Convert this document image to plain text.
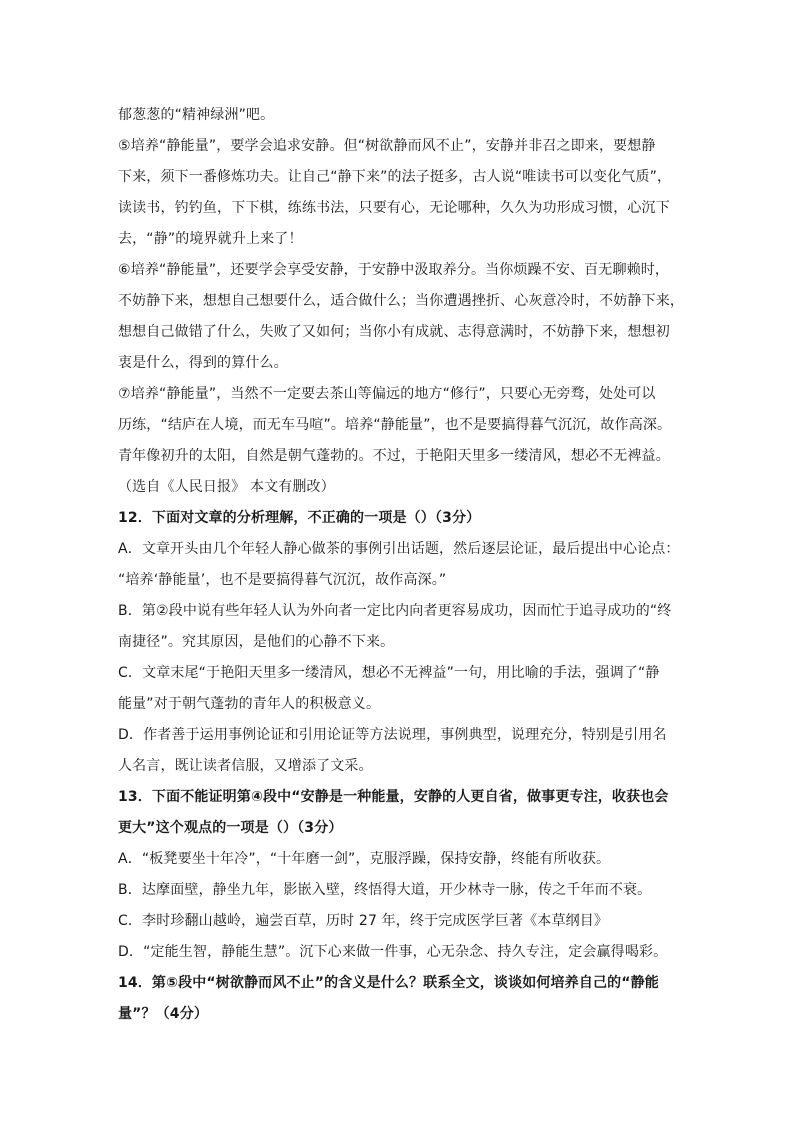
郁葱葱的“精神绿洲”吧。
⑤培养“静能量”，要学会追求安静。但“树欲静而风不止”，安静并非召之即来，要想静
下来，须下一番修炼功夫。让自己“静下来”的法子挺多，古人说“唯读书可以变化气质”，
读读书，钓钓鱼，下下棋，练练书法，只要有心，无论哪种，久久为功形成习惯，心沉下
去，“静”的境界就升上来了！
⑥培养“静能量”，还要学会享受安静，于安静中汲取养分。当你烦躁不安、百无聊赖时，
不妨静下来，想想自己想要什么，适合做什么；当你遭遇挫折、心灰意冷时，不妨静下来，
想想自己做错了什么，失败了又如何；当你小有成就、志得意满时，不妨静下来，想想初
衷是什么，得到的算什么。
⑦培养“静能量”，当然不一定要去茶山等偏远的地方“修行”，只要心无旁骛，处处可以
历练，“结庐在人境，而无车马喧”。培养“静能量”，也不是要搞得暮气沉沉，故作高深。
青年像初升的太阳，自然是朝气蓬勃的。不过，于艳阳天里多一缕清风，想必不无裨益。
（选自《人民日报》 本文有删改）
12．下面对文章的分析理解，不正确的一项是（）（3分）
A．文章开头由几个年轻人静心做茶的事例引出话题，然后逐层论证，最后提出中心论点：
“培养‘静能量’，也不是要搞得暮气沉沉，故作高深。”
B．第②段中说有些年轻人认为外向者一定比内向者更容易成功，因而忙于追寻成功的“终
南捷径”。究其原因，是他们的心静不下来。
C．文章末尾“于艳阳天里多一缕清风，想必不无裨益”一句，用比喻的手法，强调了“静
能量”对于朝气蓬勃的青年人的积极意义。
D．作者善于运用事例论证和引用论证等方法说理，事例典型，说理充分，特别是引用名
人名言，既让读者信服，又增添了文采。
13．下面不能证明第④段中“安静是一种能量，安静的人更自省，做事更专注，收获也会
更大”这个观点的一项是（）（3分）
A．“板凳要坐十年冷”，“十年磨一剑”，克服浮躁，保持安静，终能有所收获。
B．达摩面壁，静坐九年，影嵌入壁，终悟得大道，开少林寺一脉，传之千年而不衰。
C．李时珍翻山越岭，遍尝百草，历时 27 年，终于完成医学巨著《本草纲目》
D．“定能生智，静能生慧”。沉下心来做一件事，心无杂念、持久专注，定会赢得喝彩。
14．第⑤段中“树欲静而风不止”的含义是什么？联系全文，谈谈如何培养自己的“静能
量”？（4分）
